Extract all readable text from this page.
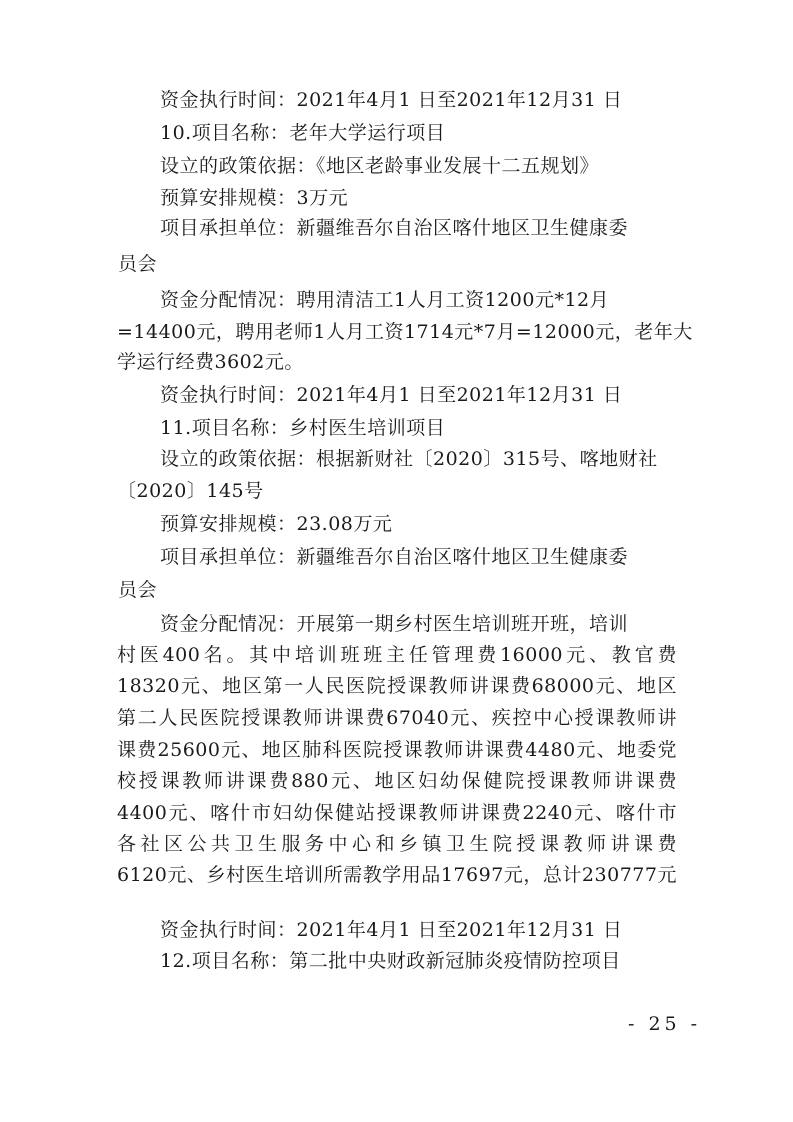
资金执行时间：2021年4月1 日至2021年12月31 日
10.项目名称：老年大学运行项目
设立的政策依据：《地区老龄事业发展十二五规划》
预算安排规模：3万元
项目承担单位：新疆维吾尔自治区喀什地区卫生健康委
员会
资金分配情况：聘用清洁工1人月工资1200元*12月
=14400元，聘用老师1人月工资1714元*7月=12000元，老年大
学运行经费3602元。
资金执行时间：2021年4月1 日至2021年12月31 日
11.项目名称：乡村医生培训项目
设立的政策依据：根据新财社〔2020〕315号、喀地财社
〔2020〕145号
预算安排规模：23.08万元
项目承担单位：新疆维吾尔自治区喀什地区卫生健康委
员会
资金分配情况：开展第一期乡村医生培训班开班，培训
村医400名。其中培训班班主任管理费16000元、教官费
18320元、地区第一人民医院授课教师讲课费68000元、地区
第二人民医院授课教师讲课费67040元、疾控中心授课教师讲
课费25600元、地区肺科医院授课教师讲课费4480元、地委党
校授课教师讲课费880元、地区妇幼保健院授课教师讲课费
4400元、喀什市妇幼保健站授课教师讲课费2240元、喀什市
各社区公共卫生服务中心和乡镇卫生院授课教师讲课费
6120元、乡村医生培训所需教学用品17697元，总计230777元
资金执行时间：2021年4月1 日至2021年12月31 日
12.项目名称：第二批中央财政新冠肺炎疫情防控项目
- 25 -
